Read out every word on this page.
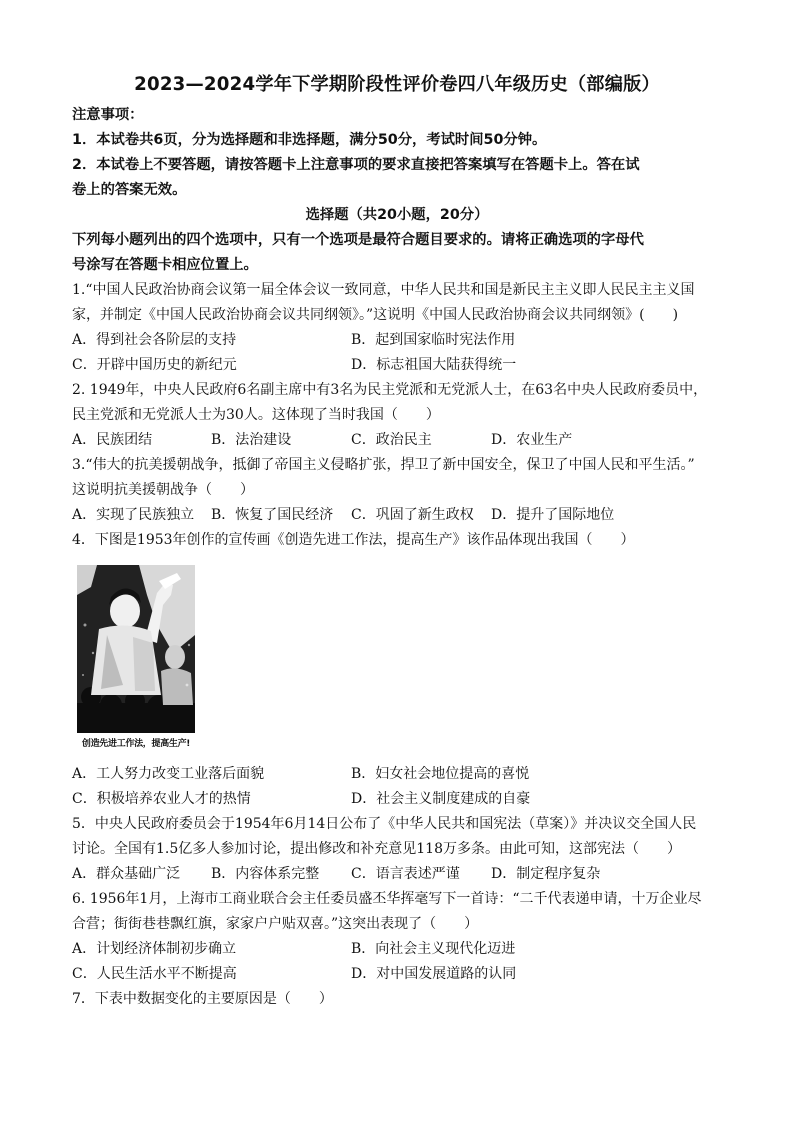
2023—2024学年下学期阶段性评价卷四八年级历史（部编版）
注意事项：
1．本试卷共6页，分为选择题和非选择题，满分50分，考试时间50分钟。
2．本试卷上不要答题，请按答题卡上注意事项的要求直接把答案填写在答题卡上。答在试
卷上的答案无效。
选择题（共20小题，20分）
下列每小题列出的四个选项中，只有一个选项是最符合题目要求的。请将正确选项的字母代
号涂写在答题卡相应位置上。
1.“中国人民政治协商会议第一届全体会议一致同意，中华人民共和国是新民主主义即人民民主主义国
家，并制定《中国人民政治协商会议共同纲领》。”这说明《中国人民政治协商会议共同纲领》(　　)
A．得到社会各阶层的支持	B．起到国家临时宪法作用
C．开辟中国历史的新纪元	D．标志祖国大陆获得统一
2. 1949年，中央人民政府6名副主席中有3名为民主党派和无党派人士，在63名中央人民政府委员中，
民主党派和无党派人士为30人。这体现了当时我国（　　）
A．民族团结	B．法治建设	C．政治民主	D．农业生产
3.“伟大的抗美援朝战争，抵御了帝国主义侵略扩张，捍卫了新中国安全，保卫了中国人民和平生活。”
这说明抗美援朝战争（　　）
A．实现了民族独立 B．恢复了国民经济 C．巩固了新生政权 D．提升了国际地位
4．下图是1953年创作的宣传画《创造先进工作法，提高生产》该作品体现出我国（　　）
创造先进工作法，提高生产!
A．工人努力改变工业落后面貌	B．妇女社会地位提高的喜悦
C．积极培养农业人才的热情	D．社会主义制度建成的自豪
5．中央人民政府委员会于1954年6月14日公布了《中华人民共和国宪法（草案）》并决议交全国人民
讨论。全国有1.5亿多人参加讨论，提出修改和补充意见118万多条。由此可知，这部宪法（　　）
A．群众基础广泛 B．内容体系完整 C．语言表述严谨 D．制定程序复杂
6. 1956年1月，上海市工商业联合会主任委员盛丕华挥毫写下一首诗：“二千代表递申请，十万企业尽
合营；街街巷巷飘红旗，家家户户贴双喜。”这突出表现了（　　）
A．计划经济体制初步确立	B．向社会主义现代化迈进
C．人民生活水平不断提高	D．对中国发展道路的认同
7．下表中数据变化的主要原因是（　　）
